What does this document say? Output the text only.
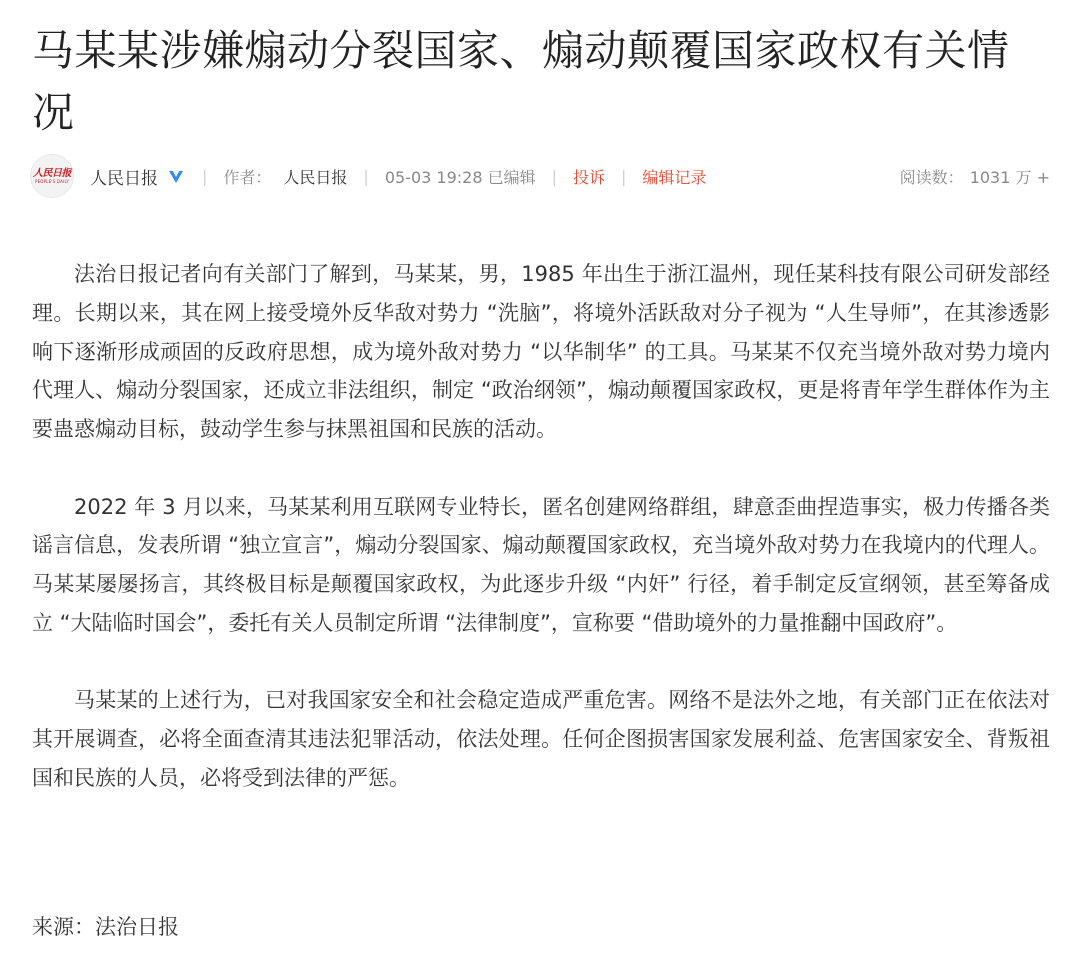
马某某涉嫌煽动分裂国家、煽动颠覆国家政权有关情况
人民日报
PEOPLE'S DAILY 人民日报	| 作者： 人民日报 | 05-03 19:28 已编辑 | 投诉 | 编辑记录	阅读数： 1031 万 +

法治日报记者向有关部门了解到，马某某，男，1985 年出生于浙江温州，现任某科技有限公司研发部经理。长期以来，其在网上接受境外反华敌对势力 “洗脑”，将境外活跃敌对分子视为 “人生导师”，在其渗透影响下逐渐形成顽固的反政府思想，成为境外敌对势力 “以华制华” 的工具。马某某不仅充当境外敌对势力境内代理人、煽动分裂国家，还成立非法组织，制定 “政治纲领”，煽动颠覆国家政权，更是将青年学生群体作为主要蛊惑煽动目标，鼓动学生参与抹黑祖国和民族的活动。

2022 年 3 月以来，马某某利用互联网专业特长，匿名创建网络群组，肆意歪曲捏造事实，极力传播各类谣言信息，发表所谓 “独立宣言”，煽动分裂国家、煽动颠覆国家政权，充当境外敌对势力在我境内的代理人。马某某屡屡扬言，其终极目标是颠覆国家政权，为此逐步升级 “内奸” 行径，着手制定反宣纲领，甚至筹备成立 “大陆临时国会”，委托有关人员制定所谓 “法律制度”，宣称要 “借助境外的力量推翻中国政府”。

马某某的上述行为，已对我国家安全和社会稳定造成严重危害。网络不是法外之地，有关部门正在依法对其开展调查，必将全面查清其违法犯罪活动，依法处理。任何企图损害国家发展利益、危害国家安全、背叛祖国和民族的人员，必将受到法律的严惩。

来源：法治日报
